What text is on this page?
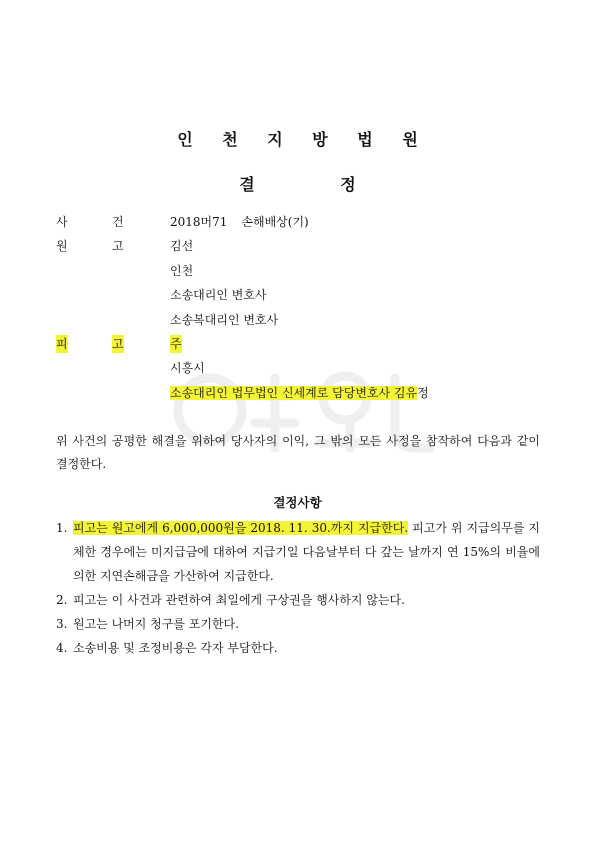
인 천 지 방 법 원
결 정
사	건	2018머71 손해배상(기)
원	고	김선
인천
소송대리인 변호사
소송복대리인 변호사
피	고	주
시흥시
소송대리인 법무법인 신세계로 담당변호사 김유정
위 사건의 공평한 해결을 위하여 당사자의 이익, 그 밖의 모든 사정을 참작하여 다음과 같이 결정한다.
결정사항
1. 피고는 원고에게 6,000,000원을 2018. 11. 30.까지 지급한다. 피고가 위 지급의무를 지체한 경우에는 미지급금에 대하여 지급기일 다음날부터 다 갚는 날까지 연 15%의 비율에 의한 지연손해금을 가산하여 지급한다.
2. 피고는 이 사건과 관련하여 최일에게 구상권을 행사하지 않는다.
3. 원고는 나머지 청구를 포기한다.
4. 소송비용 및 조정비용은 각자 부담한다.
